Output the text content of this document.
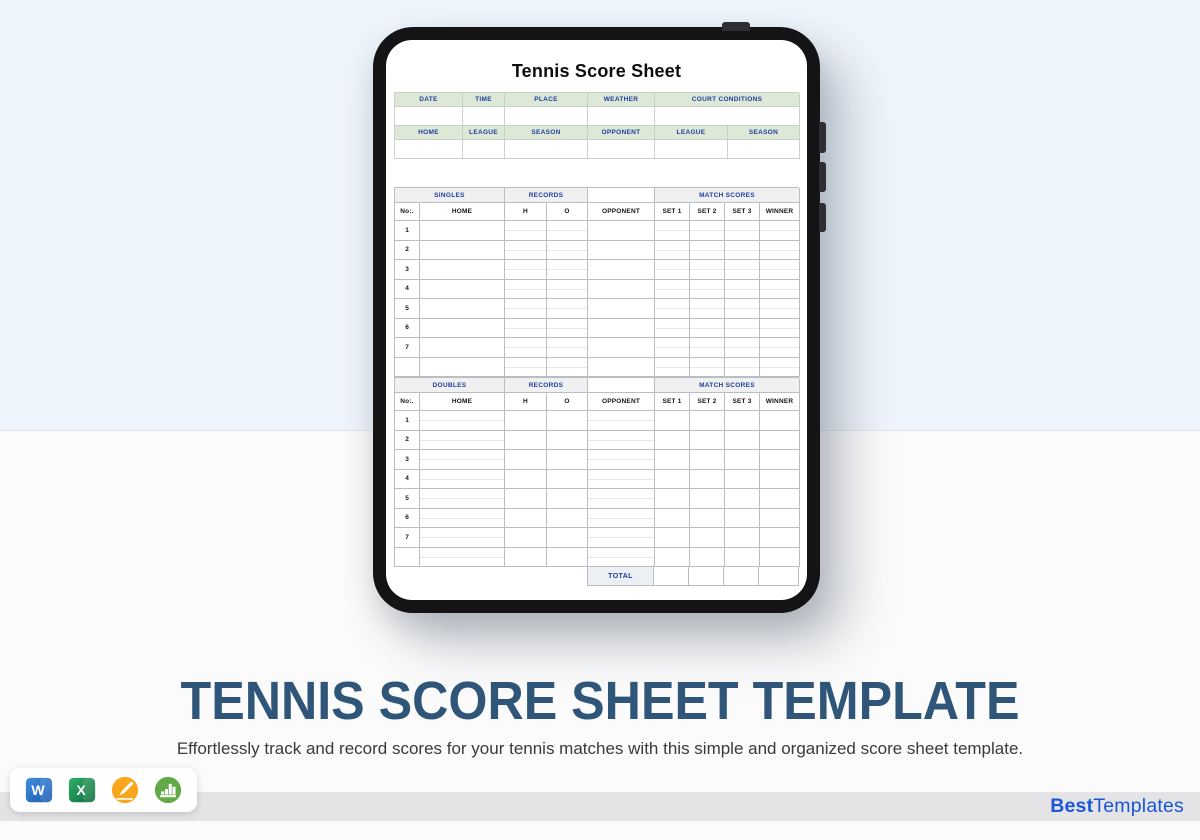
Tennis Score Sheet
DATE	TIME	PLACE	WEATHER	COURT CONDITIONS
HOME	LEAGUE	SEASON	OPPONENT	LEAGUE	SEASON
SINGLES	RECORDS	MATCH SCORES
No:.	HOME	H	O	OPPONENT	SET 1	SET 2	SET 3	WINNER
1
2
3
4
5
6
7
DOUBLES	RECORDS	MATCH SCORES
No:.	HOME	H	O	OPPONENT	SET 1	SET 2	SET 3	WINNER
1
2
3
4
5
6
7
TOTAL
TENNIS SCORE SHEET TEMPLATE

Effortlessly track and record scores for your tennis matches with this simple and organized score sheet template.

W X
BestTemplates
